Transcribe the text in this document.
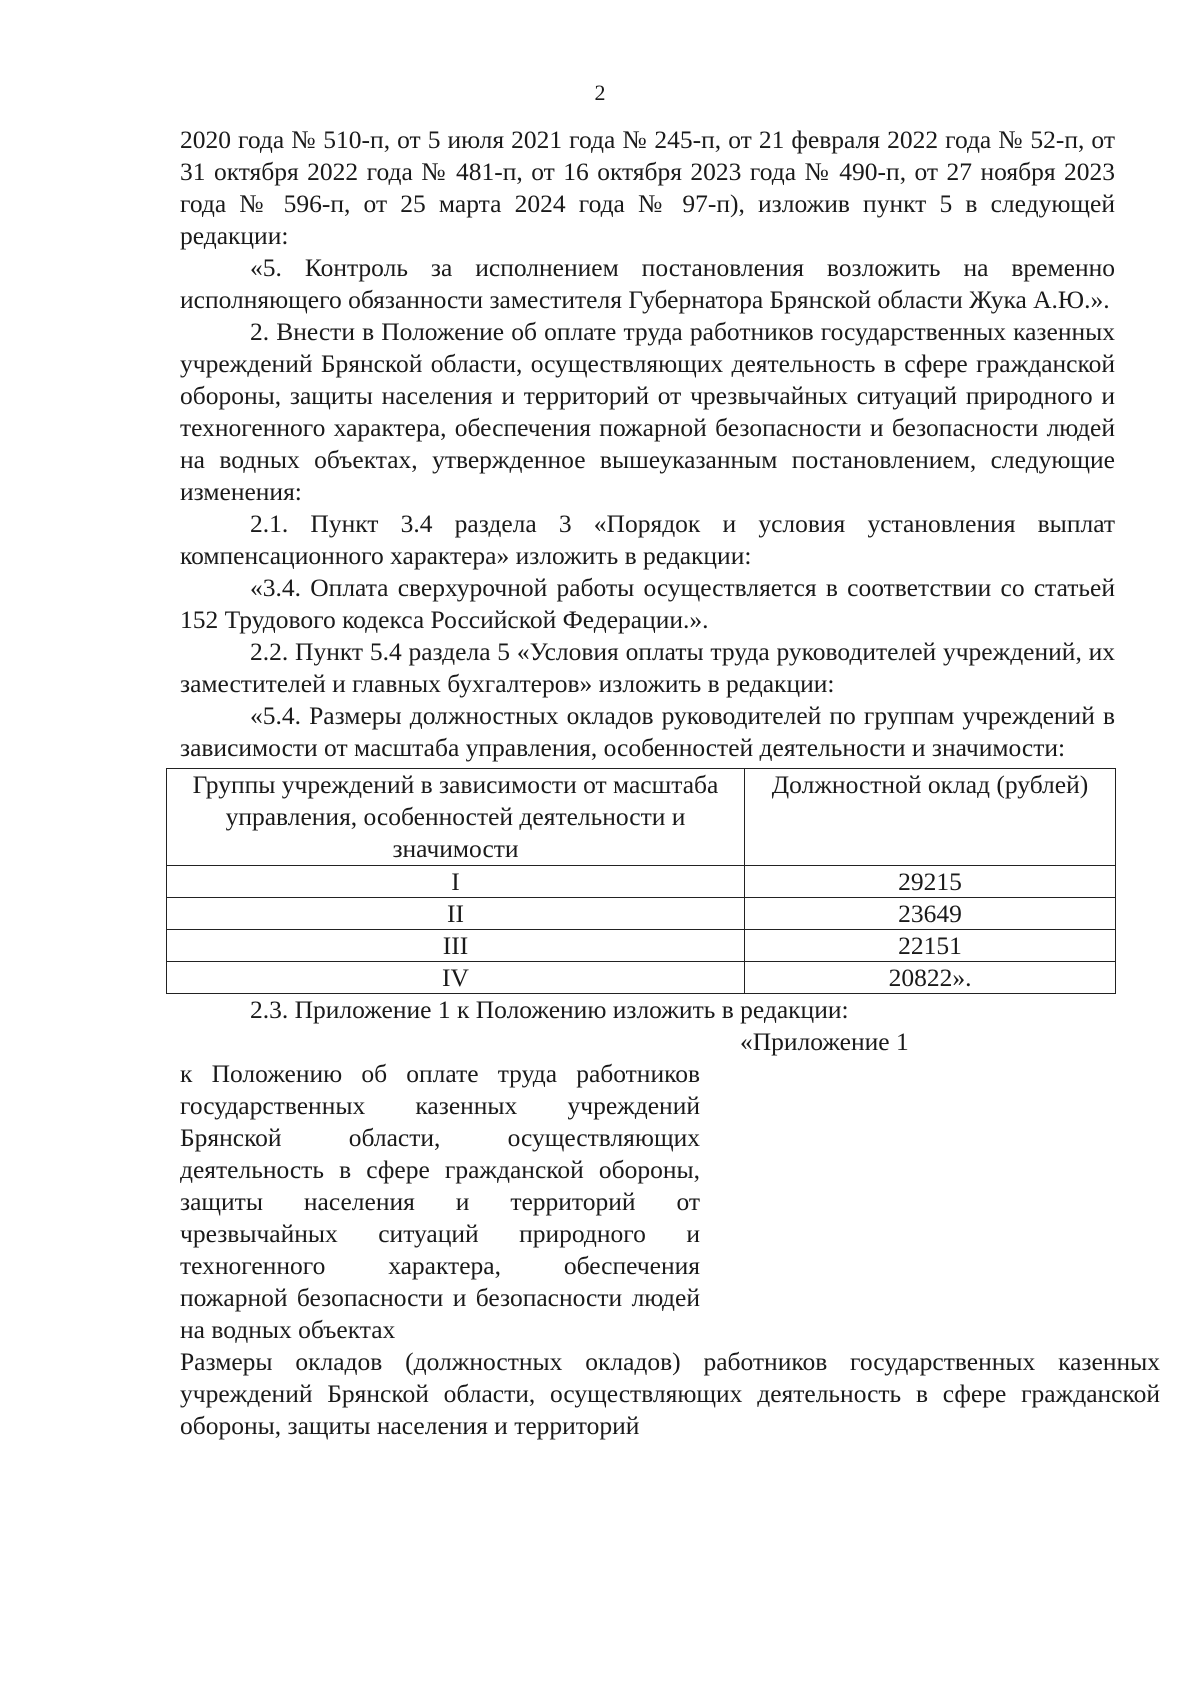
2

2020 года № 510-п, от 5 июля 2021 года № 245-п, от 21 февраля 2022 года № 52-п, от 31 октября 2022 года № 481-п, от 16 октября 2023 года № 490-п, от 27 ноября 2023 года № 596-п, от 25 марта 2024 года № 97-п), изложив пункт 5 в следующей редакции:

«5. Контроль за исполнением постановления возложить на временно исполняющего обязанности заместителя Губернатора Брянской области Жука А.Ю.».

2. Внести в Положение об оплате труда работников государственных казенных учреждений Брянской области, осуществляющих деятельность в сфере гражданской обороны, защиты населения и территорий от чрезвычайных ситуаций природного и техногенного характера, обеспечения пожарной безопасности и безопасности людей на водных объектах, утвержденное вышеуказанным постановлением, следующие изменения:

2.1. Пункт 3.4 раздела 3 «Порядок и условия установления выплат компенсационного характера» изложить в редакции:

«3.4. Оплата сверхурочной работы осуществляется в соответствии со статьей 152 Трудового кодекса Российской Федерации.».

2.2. Пункт 5.4 раздела 5 «Условия оплаты труда руководителей учреждений, их заместителей и главных бухгалтеров» изложить в редакции:

«5.4. Размеры должностных окладов руководителей по группам учреждений в зависимости от масштаба управления, особенностей деятельности и значимости:

Группы учреждений в зависимости от масштаба управления, особенностей деятельности и значимости	Должностной оклад (рублей)
I	29215
II	23649
III	22151
IV	20822».

2.3. Приложение 1 к Положению изложить в редакции:

«Приложение 1

к Положению об оплате труда работников государственных казенных учреждений Брянской области, осуществляющих деятельность в сфере гражданской обороны, защиты населения и территорий от чрезвычайных ситуаций природного и техногенного характера, обеспечения пожарной безопасности и безопасности людей на водных объектах

Размеры окладов (должностных окладов) работников государственных казенных учреждений Брянской области, осуществляющих деятельность в сфере гражданской обороны, защиты населения и территорий
